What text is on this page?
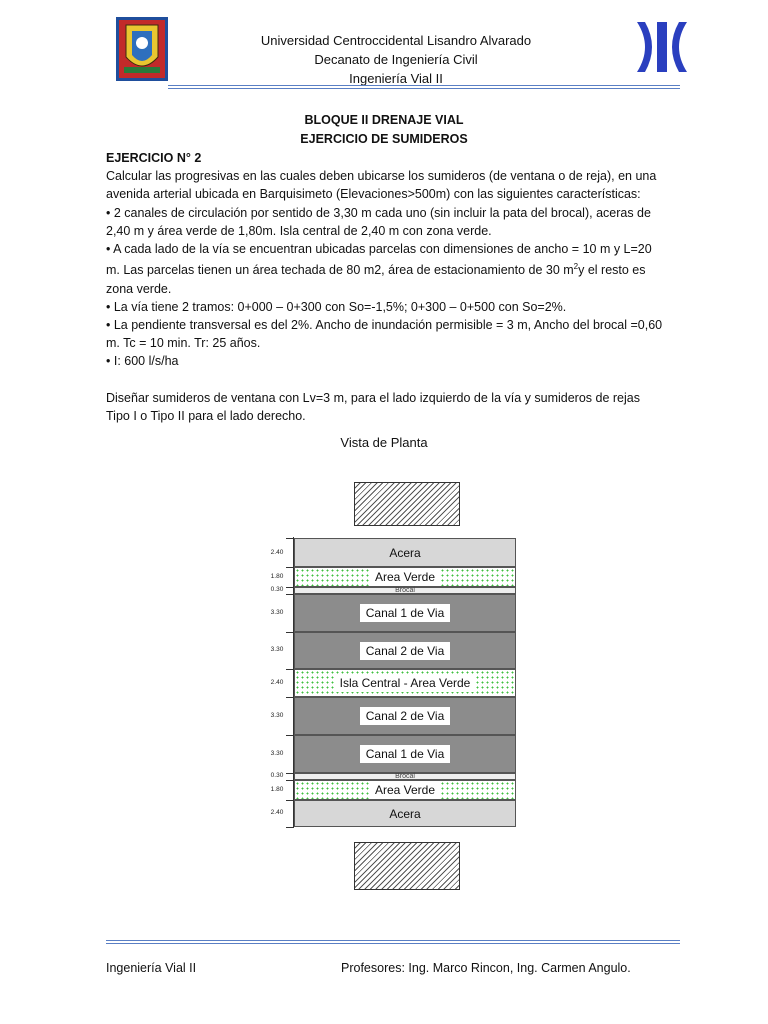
Universidad Centroccidental Lisandro Alvarado
Decanato de Ingeniería Civil
Ingeniería Vial II
BLOQUE II DRENAJE VIAL
EJERCICIO DE SUMIDEROS

EJERCICIO N° 2

Calcular las progresivas en las cuales deben ubicarse los sumideros (de ventana o de reja), en una avenida arterial ubicada en Barquisimeto (Elevaciones>500m) con las siguientes características:

• 2 canales de circulación por sentido de 3,30 m cada uno (sin incluir la pata del brocal), aceras de 2,40 m y área verde de 1,80m. Isla central de 2,40 m con zona verde.

• A cada lado de la vía se encuentran ubicadas parcelas con dimensiones de ancho = 10 m y L=20 m. Las parcelas tienen un área techada de 80 m2, área de estacionamiento de 30 $m^2y$ el resto es zona verde.

• La vía tiene 2 tramos: 0+000 – 0+300 con So=-1,5%; 0+300 – 0+500 con So=2%.

• La pendiente transversal es del 2%. Ancho de inundación permisible = 3 m, Ancho del brocal =0,60 m. Tc = 10 min. Tr: 25 años.

• I: 600 l/s/ha

Diseñar sumideros de ventana con Lv=3 m, para el lado izquierdo de la vía y sumideros de rejas Tipo I o Tipo II para el lado derecho.

Vista de Planta
Acera
Area Verde
Brocal
Canal 1 de Via
Canal 2 de Via
Isla Central - Area Verde
Canal 2 de Via
Canal 1 de Via
Brocal
Area Verde
Acera
2.40
1.80
0.30
3.30
3.30
2.40
3.30
3.30
0.30
1.80
2.40
Ingeniería Vial II	Profesores: Ing. Marco Rincon, Ing. Carmen Angulo.
